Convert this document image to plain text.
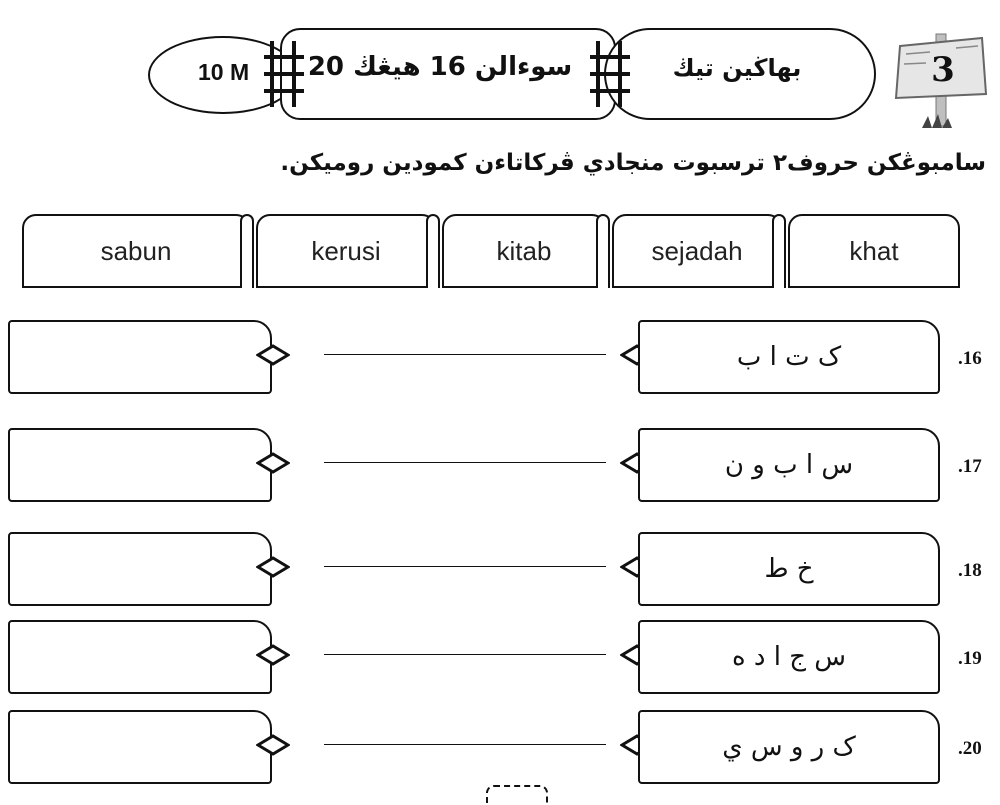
10 M	سوءالن 16 هيڠڬ 20	بهاڬين تيڬ	3
سامبوڠكن حروف٢ ترسبوت منجادي ڤركاتاءن كمودين روميكن.
sabun	kerusi	kitab	sejadah	khat
ک ت ا ب	.16
س ا ب و ن	.17
خ ط	.18
س ج ا د ه	.19
ک ر و س ي	.20
